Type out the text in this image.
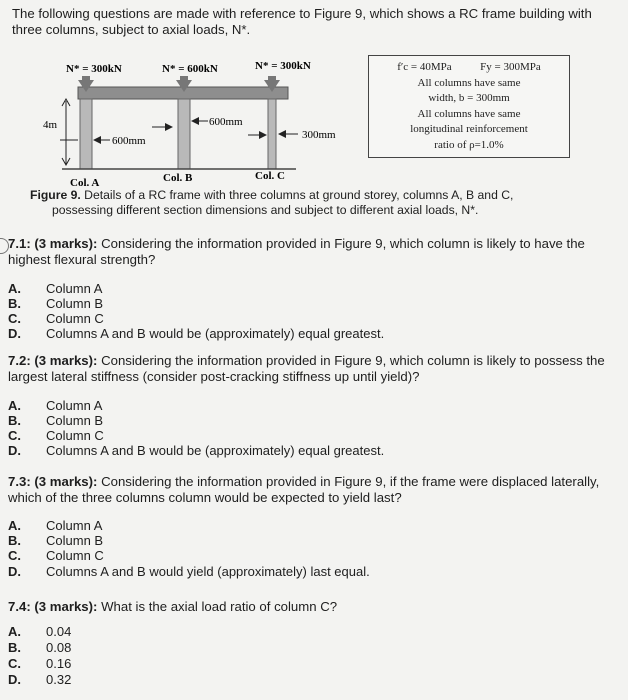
The following questions are made with reference to Figure 9, which shows a RC frame building with three columns, subject to axial loads, N*.
N* = 300kN	N* = 600kN	N* = 300kN
4m
600mm
600mm
300mm
Col. A	Col. B	Col. C
f′c = 40MPa	Fy = 300MPa
All columns have same
width, b = 300mm
All columns have same
longitudinal reinforcement
ratio of ρ=1.0%
Figure 9. Details of a RC frame with three columns at ground storey, columns A, B and C,
possessing different section dimensions and subject to different axial loads, N*.
7.1: (3 marks): Considering the information provided in Figure 9, which column is likely to have the highest flexural strength?
A. Column A
B. Column B
C. Column C
D. Columns A and B would be (approximately) equal greatest.
7.2: (3 marks): Considering the information provided in Figure 9, which column is likely to possess the largest lateral stiffness (consider post-cracking stiffness up until yield)?
A. Column A
B. Column B
C. Column C
D. Columns A and B would be (approximately) equal greatest.
7.3: (3 marks): Considering the information provided in Figure 9, if the frame were displaced laterally, which of the three columns column would be expected to yield last?
A. Column A
B. Column B
C. Column C
D. Columns A and B would yield (approximately) last equal.
7.4: (3 marks): What is the axial load ratio of column C?
A. 0.04
B. 0.08
C. 0.16
D. 0.32
